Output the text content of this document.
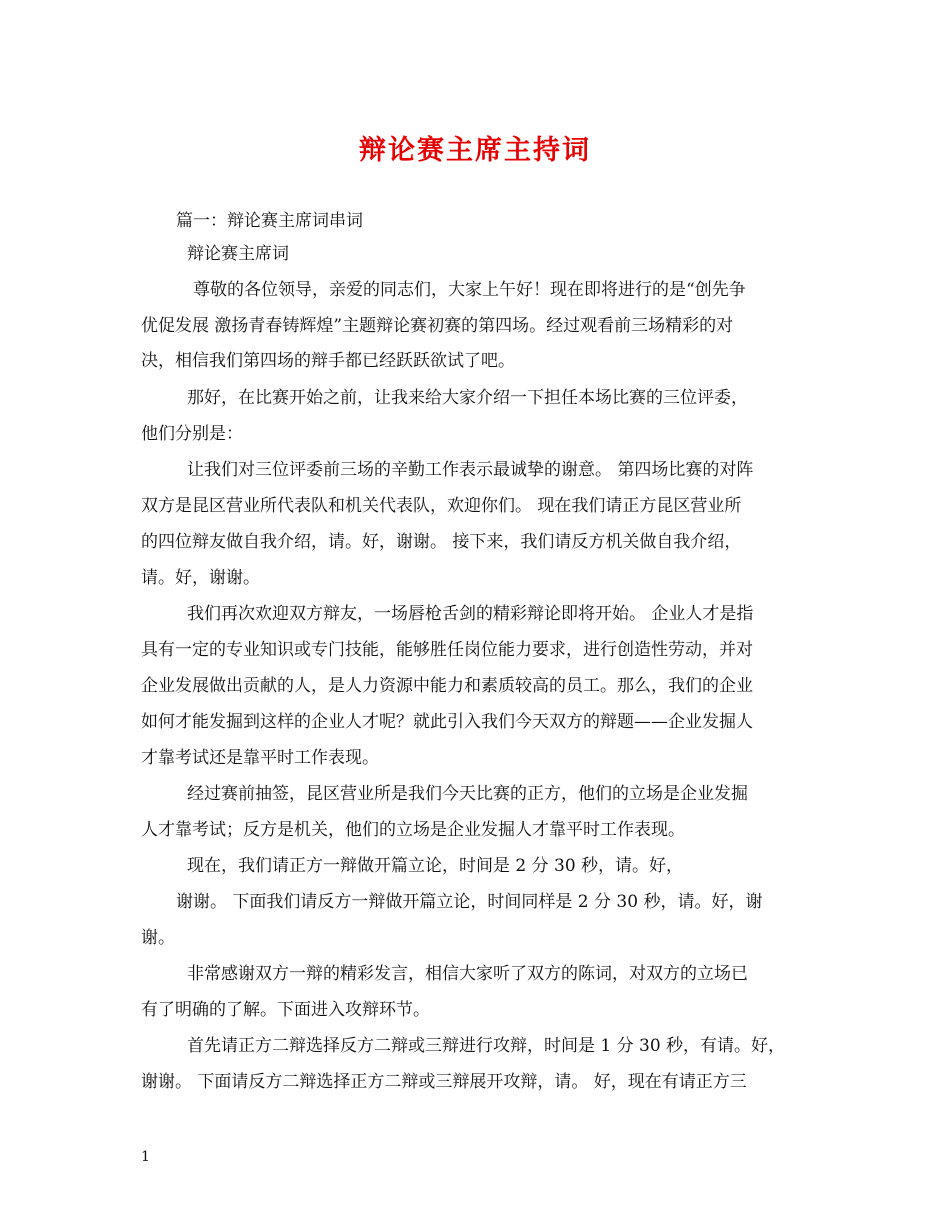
辩论赛主席主持词
篇一：辩论赛主席词串词
辩论赛主席词
尊敬的各位领导，亲爱的同志们，大家上午好！现在即将进行的是“创先争
优促发展 激扬青春铸辉煌”主题辩论赛初赛的第四场。经过观看前三场精彩的对
决，相信我们第四场的辩手都已经跃跃欲试了吧。
那好，在比赛开始之前，让我来给大家介绍一下担任本场比赛的三位评委，
他们分别是：
让我们对三位评委前三场的辛勤工作表示最诚挚的谢意。 第四场比赛的对阵
双方是昆区营业所代表队和机关代表队，欢迎你们。 现在我们请正方昆区营业所
的四位辩友做自我介绍，请。好，谢谢。 接下来，我们请反方机关做自我介绍，
请。好，谢谢。
我们再次欢迎双方辩友，一场唇枪舌剑的精彩辩论即将开始。 企业人才是指
具有一定的专业知识或专门技能，能够胜任岗位能力要求，进行创造性劳动，并对
企业发展做出贡献的人，是人力资源中能力和素质较高的员工。那么，我们的企业
如何才能发掘到这样的企业人才呢？就此引入我们今天双方的辩题——企业发掘人
才靠考试还是靠平时工作表现。
经过赛前抽签，昆区营业所是我们今天比赛的正方，他们的立场是企业发掘
人才靠考试；反方是机关，他们的立场是企业发掘人才靠平时工作表现。
现在，我们请正方一辩做开篇立论，时间是 2 分 30 秒，请。好，
谢谢。 下面我们请反方一辩做开篇立论，时间同样是 2 分 30 秒，请。好，谢
谢。
非常感谢双方一辩的精彩发言，相信大家听了双方的陈词，对双方的立场已
有了明确的了解。下面进入攻辩环节。
首先请正方二辩选择反方二辩或三辩进行攻辩，时间是 1 分 30 秒，有请。好，
谢谢。 下面请反方二辩选择正方二辩或三辩展开攻辩，请。 好，现在有请正方三
1
